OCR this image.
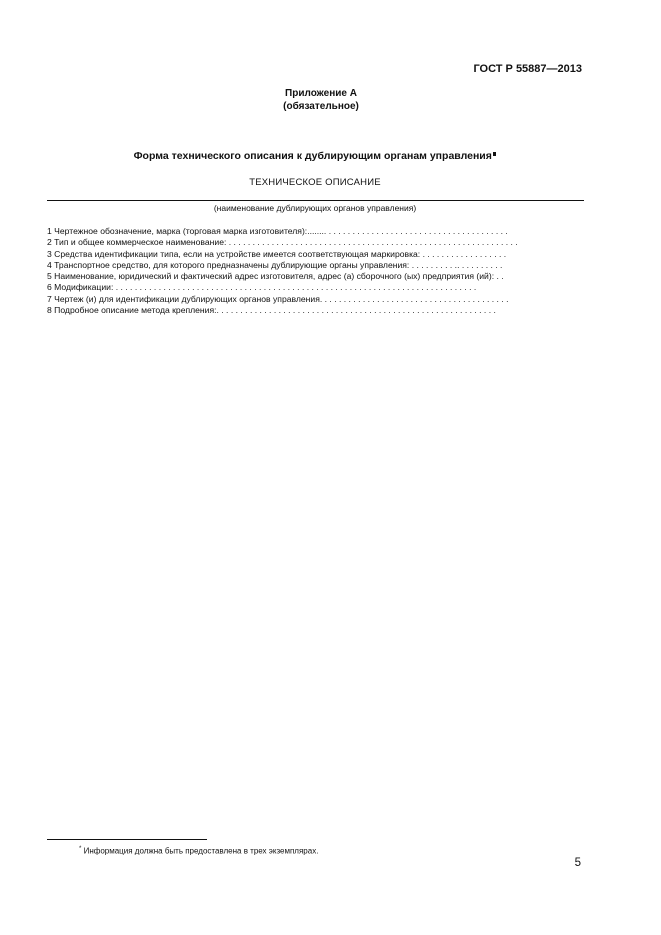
ГОСТ Р 55887—2013
Приложение А
(обязательное)
Форма технического описания к дублирующим органам управления
ТЕХНИЧЕСКОЕ ОПИСАНИЕ
(наименование дублирующих органов управления)
1 Чертежное обозначение, марка (торговая марка изготовителя):........ . . . . . . . . . . . . . . . . . . . . . . . . . . . . . . . . . . . . . .
2 Тип и общее коммерческое наименование: . . . . . . . . . . . . . . . . . . . . . . . . . . . . . . . . . . . . . . . . . . . . . . . . . . . . . . . . . . . . .
3 Средства идентификации типа, если на устройстве имеется соответствующая маркировка: . . . . . . . . . . . . . . . . . .
4 Транспортное средство, для которого предназначены дублирующие органы управления: . . . . . . . . . .. . . . . . . . . .
5 Наименование, юридический и фактический адрес изготовителя, адрес (а) сборочного (ых) предприятия (ий): . .
6 Модификации: . . . . . . . . . . . . . . . . . . . . . . . . . . . . . . . . . . . . . . . . . . . . . . . . . . . . . . . . . . . . . . . . . . . . . . . . . . . .
7 Чертеж (и) для идентификации дублирующих органов управления. . . . . . . . . . . . . . . . . . . . . . . . . . . . . . . . . . . . . . . .
8 Подробное описание метода крепления:. . . . . . . . . . . . . . . . . . . . . . . . . . . . . . . . . . . . . . . . . . . . . . . . . . . . . . . . . . .
* Информация должна быть предоставлена в трех экземплярах.
5
